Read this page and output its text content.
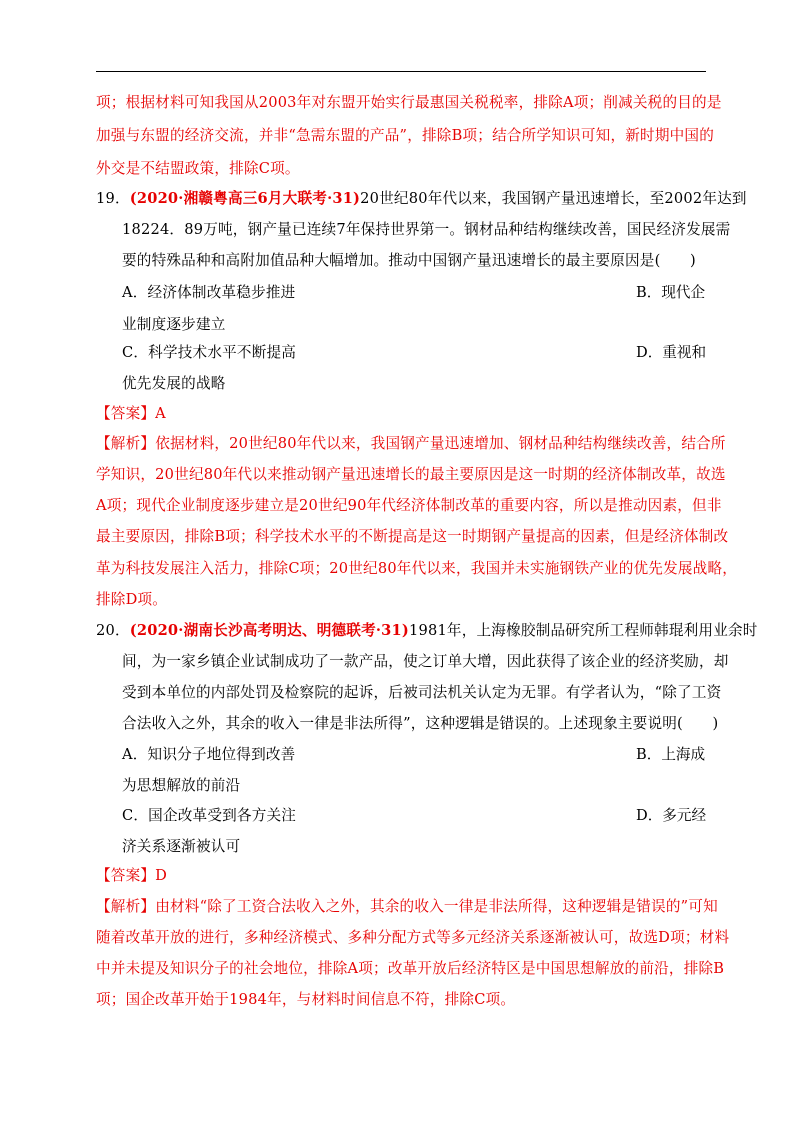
项；根据材料可知我国从2003年对东盟开始实行最惠国关税税率，排除A项；削减关税的目的是
加强与东盟的经济交流，并非“急需东盟的产品”，排除B项；结合所学知识可知，新时期中国的
外交是不结盟政策，排除C项。
19．(2020·湘赣粤高三6月大联考·31)20世纪80年代以来，我国钢产量迅速增长，至2002年达到
18224．89万吨，钢产量已连续7年保持世界第一。钢材品种结构继续改善，国民经济发展需
要的特殊品种和高附加值品种大幅增加。推动中国钢产量迅速增长的最主要原因是(　　)
A．经济体制改革稳步推进	B．现代企
业制度逐步建立
C．科学技术水平不断提高	D．重视和
优先发展的战略
【答案】A
【解析】依据材料，20世纪80年代以来，我国钢产量迅速增加、钢材品种结构继续改善，结合所
学知识，20世纪80年代以来推动钢产量迅速增长的最主要原因是这一时期的经济体制改革，故选
A项；现代企业制度逐步建立是20世纪90年代经济体制改革的重要内容，所以是推动因素，但非
最主要原因，排除B项；科学技术水平的不断提高是这一时期钢产量提高的因素，但是经济体制改
革为科技发展注入活力，排除C项；20世纪80年代以来，我国并未实施钢铁产业的优先发展战略，
排除D项。
20．(2020·湖南长沙高考明达、明德联考·31)1981年，上海橡胶制品研究所工程师韩琨利用业余时
间，为一家乡镇企业试制成功了一款产品，使之订单大增，因此获得了该企业的经济奖励，却
受到本单位的内部处罚及检察院的起诉，后被司法机关认定为无罪。有学者认为，“除了工资
合法收入之外，其余的收入一律是非法所得”，这种逻辑是错误的。上述现象主要说明(　　)
A．知识分子地位得到改善	B．上海成
为思想解放的前沿
C．国企改革受到各方关注	D．多元经
济关系逐渐被认可
【答案】D
【解析】由材料“除了工资合法收入之外，其余的收入一律是非法所得，这种逻辑是错误的”可知
随着改革开放的进行，多种经济模式、多种分配方式等多元经济关系逐渐被认可，故选D项；材料
中并未提及知识分子的社会地位，排除A项；改革开放后经济特区是中国思想解放的前沿，排除B
项；国企改革开始于1984年，与材料时间信息不符，排除C项。
